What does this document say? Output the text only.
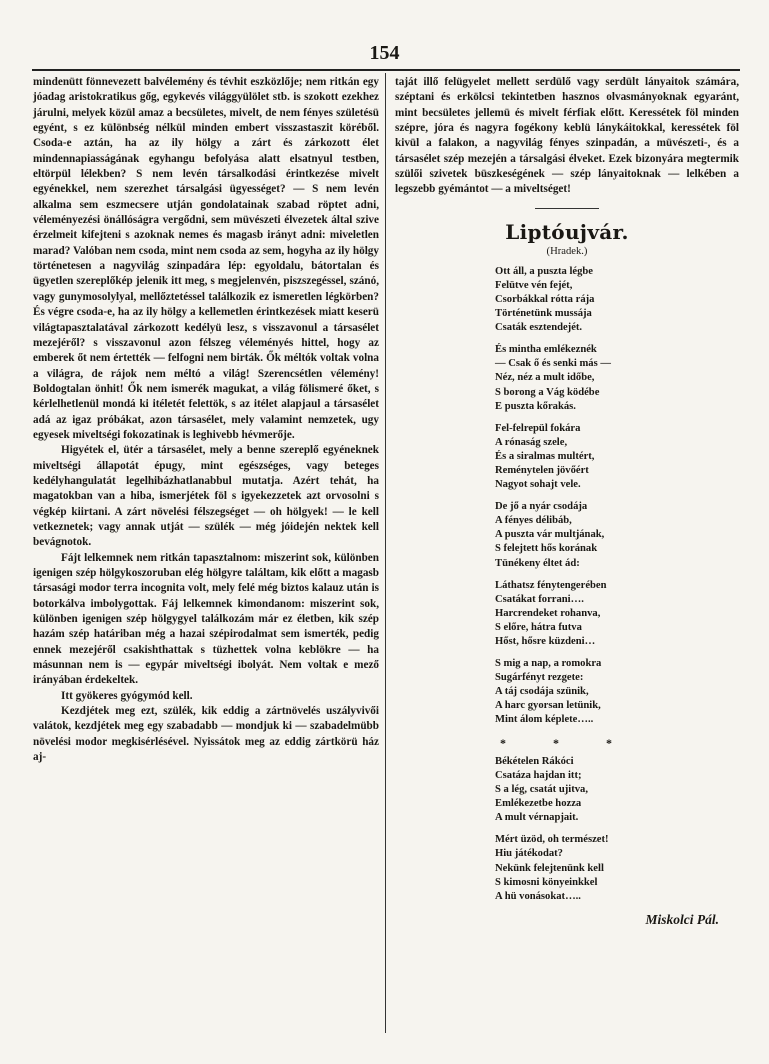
154

mindenütt fönnevezett balvélemény és tévhit eszközlője; nem ritkán egy jóadag aristokratikus gőg, egykevés világgyülölet stb. is szokott ezekhez járulni, melyek közül amaz a becsületes, mivelt, de nem fényes születésü egyént, s ez különbség nélkül minden embert visszastaszit köréből. Csoda-e aztán, ha az ily hölgy a zárt és zárkozott élet mindennapiasságának egyhangu befolyása alatt elsatnyul testben, eltörpül lélekben? S nem levén társalkodási érintkezése mivelt egyénekkel, nem szerezhet társalgási ügyességet? — S nem levén alkalma sem eszmecsere utján gondolatainak szabad röptet adni, véleményezési önállóságra vergődni, sem müvészeti élvezetek által szive érzelmeit kifejteni s azoknak nemes és magasb irányt adni: miveletlen marad? Valóban nem csoda, mint nem csoda az sem, hogyha az ily hölgy történetesen a nagyvilág szinpadára lép: egyoldalu, bátortalan és ügyetlen szereplőkép jelenik itt meg, s megjelenvén, piszszegéssel, szánó, vagy gunymosolylyal, mellőztetéssel találkozik ez ismeretlen légkörben? És végre csoda-e, ha az ily hölgy a kellemetlen érintkezések miatt keserü világtapasztalatával zárkozott kedélyü lesz, s visszavonul a társasélet mezejéről? s visszavonul azon félszeg véleményés hittel, hogy az emberek őt nem értették — felfogni nem birták. Ők méltók voltak volna a világra, de rájok nem méltó a világ! Szerencsétlen vélemény! Boldogtalan önhit! Ők nem ismerék magukat, a világ fölismeré őket, s kérlelhetlenül mondá ki itéletét felettök, s az itélet alapjaul a társasélet adá az igaz próbákat, azon társasélet, mely valamint nemzetek, ugy egyesek miveltségi fokozatinak is leghivebb hévmerője.

Higyétek el, ütér a társasélet, mely a benne szereplő egyéneknek miveltségi állapotát épugy, mint egészséges, vagy beteges kedélyhangulatát legelhibázhatlanabbul mutatja. Azért tehát, ha magatokban van a hiba, ismerjétek föl s igyekezzetek azt orvosolni s végkép kiirtani. A zárt növelési félszegséget — oh hölgyek! — le kell vetkeznetek; vagy annak utját — szülék — még jóidején nektek kell bevágnotok.

Fájt lelkemnek nem ritkán tapasztalnom: miszerint sok, különben igenigen szép hölgykoszoruban elég hölgyre találtam, kik előtt a magasb társasági modor terra incognita volt, mely felé még biztos kalauz után is botorkálva imbolygottak. Fáj lelkemnek kimondanom: miszerint sok, különben igenigen szép hölgygyel találkozám már ez életben, kik szép hazám szép határiban még a hazai szépirodalmat sem ismerték, pedig ennek mezejéről csakishthattak s tüzhettek volna keblökre — ha másunnan nem is — egypár miveltségi ibolyát. Nem voltak e mező irányában érdekeltek.

Itt gyökeres gyógymód kell.

Kezdjétek meg ezt, szülék, kik eddig a zártnövelés uszályvivői valátok, kezdjétek meg egy szabadabb — mondjuk ki — szabadelmübb növelési modor megkisérlésével. Nyissátok meg az eddig zártkörü ház aj-

taját illő felügyelet mellett serdülő vagy serdült lányaitok számára, széptani és erkölcsi tekintetben hasznos olvasmányoknak egyaránt, mint becsületes jellemü és mivelt férfiak előtt. Keressétek föl minden szépre, jóra és nagyra fogékony keblü lánykáitokkal, keressétek föl kivül a falakon, a nagyvilág fényes szinpadán, a müvészeti-, és a társasélet szép mezején a társalgási élveket. Ezek bizonyára megtermik szülői szivetek büszkeségének — szép lányaitoknak — lelkében a legszebb gyémántot — a miveltséget!

Liptóujvár.
(Hradek.)
Ott áll, a puszta légbe
Felütve vén fejét,
Csorbákkal rótta rája
Történetünk mussája
Csaták esztendejét.
És mintha emlékeznék
— Csak ő és senki más —
Néz, néz a mult időbe,
S borong a Vág ködébe
E puszta kőrakás.
Fel-felrepül fokára
A rónaság szele,
És a siralmas multért,
Reménytelen jövőért
Nagyot sohajt vele.
De jő a nyár csodája
A fényes délibáb,
A puszta vár multjának,
S felejtett hős korának
Tünékeny éltet ád:
Láthatsz fénytengerében
Csatákat forrani….
Harcrendeket rohanva,
S előre, hátra futva
Hőst, hősre küzdeni…
S mig a nap, a romokra
Sugárfényt rezgete:
A táj csodája szünik,
A harc gyorsan letünik,
Mint álom képlete…..
* * *
Békételen Rákóci
Csatáza hajdan itt;
S a lég, csatát ujitva,
Emlékezetbe hozza
A mult vérnapjait.
Mért üzöd, oh természet!
Hiu játékodat?
Nekünk felejtenünk kell
S kimosni könyeinkkel
A hü vonásokat…..
Miskolci Pál.
